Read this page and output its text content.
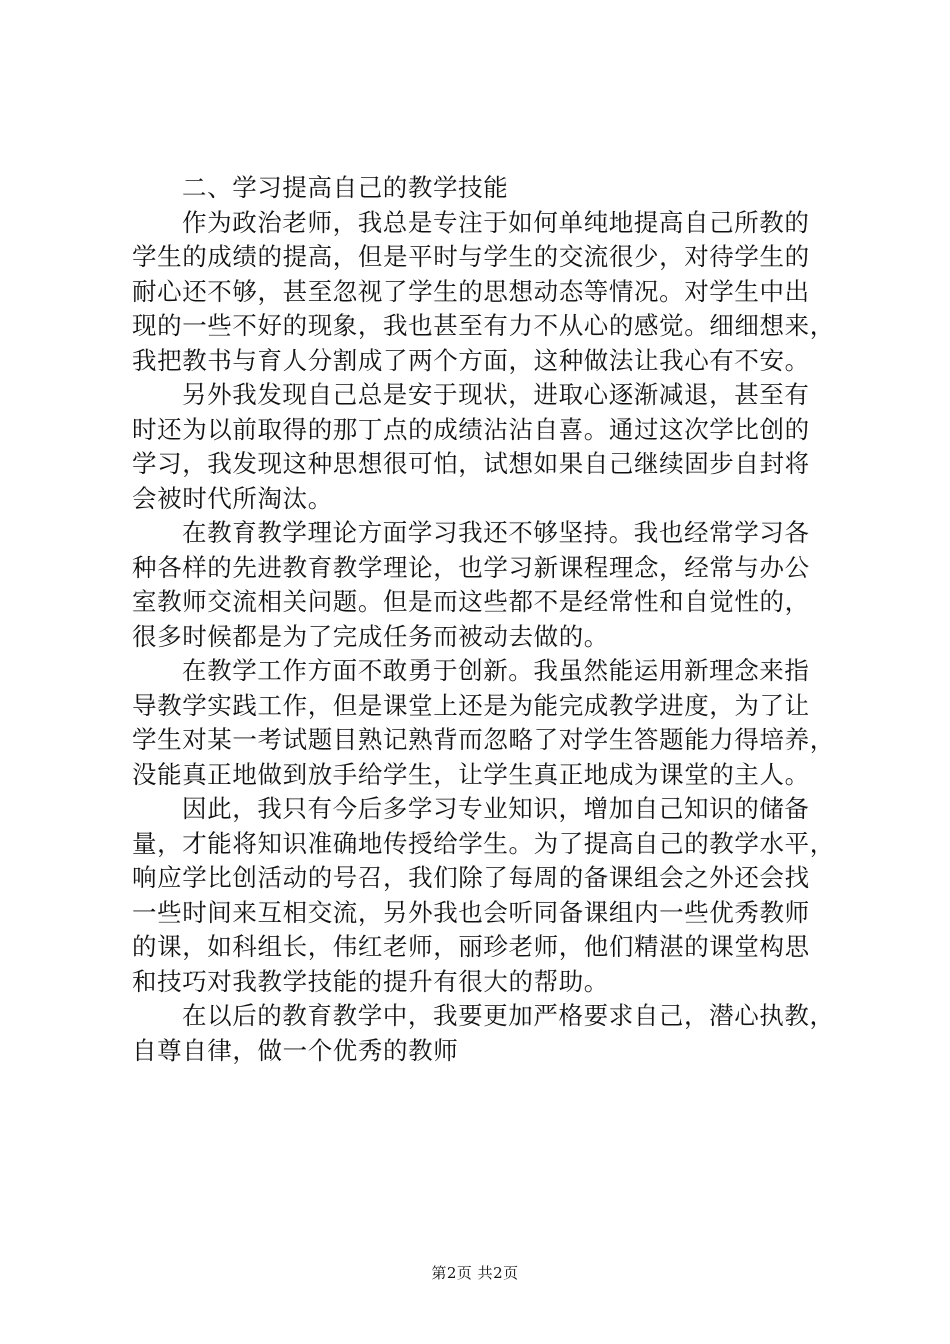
二、学习提高自己的教学技能
作为政治老师，我总是专注于如何单纯地提高自己所教的
学生的成绩的提高，但是平时与学生的交流很少，对待学生的
耐心还不够，甚至忽视了学生的思想动态等情况。对学生中出
现的一些不好的现象，我也甚至有力不从心的感觉。细细想来，
我把教书与育人分割成了两个方面，这种做法让我心有不安。
另外我发现自己总是安于现状，进取心逐渐减退，甚至有
时还为以前取得的那丁点的成绩沾沾自喜。通过这次学比创的
学习，我发现这种思想很可怕，试想如果自己继续固步自封将
会被时代所淘汰。
在教育教学理论方面学习我还不够坚持。我也经常学习各
种各样的先进教育教学理论，也学习新课程理念，经常与办公
室教师交流相关问题。但是而这些都不是经常性和自觉性的，
很多时候都是为了完成任务而被动去做的。
在教学工作方面不敢勇于创新。我虽然能运用新理念来指
导教学实践工作，但是课堂上还是为能完成教学进度，为了让
学生对某一考试题目熟记熟背而忽略了对学生答题能力得培养，
没能真正地做到放手给学生，让学生真正地成为课堂的主人。
因此，我只有今后多学习专业知识，增加自己知识的储备
量，才能将知识准确地传授给学生。为了提高自己的教学水平，
响应学比创活动的号召，我们除了每周的备课组会之外还会找
一些时间来互相交流，另外我也会听同备课组内一些优秀教师
的课，如科组长，伟红老师，丽珍老师，他们精湛的课堂构思
和技巧对我教学技能的提升有很大的帮助。
在以后的教育教学中，我要更加严格要求自己，潜心执教，
自尊自律，做一个优秀的教师
第2页 共2页
